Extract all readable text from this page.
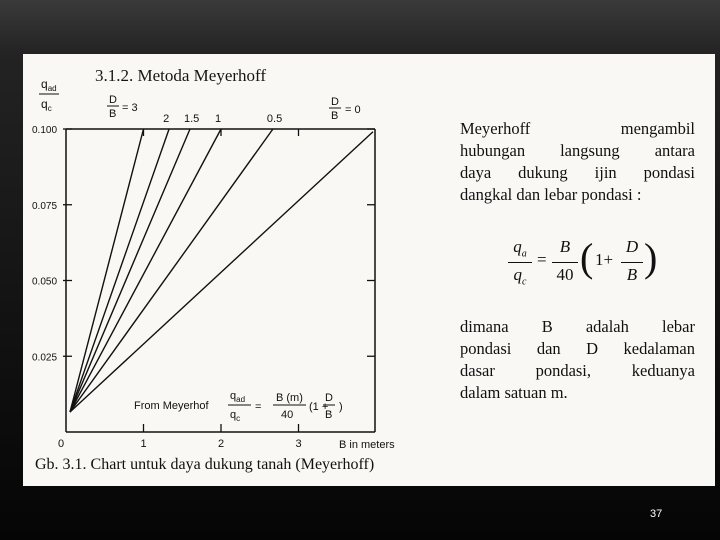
$q_{ad}$
$q_c$
D
B = 3	D
B = 0
0.100
0.075
0.050
0.025
0	1	2	3
2 1.5 1	0.5
B in meters
From Meyerhof
$q_{ad}$
$q_c$
=
B (m)
40
(1 +
D
B
)
3.1.2. Metoda Meyerhoff
Meyerhoff mengambil
hubungan langsung antara
daya dukung ijin pondasi
dangkal dan lebar pondasi :
$q_a$
$q_c$
=
B
40 ( 1+
D
B )
dimana B adalah lebar
pondasi dan D kedalaman
dasar pondasi, keduanya
dalam satuan m.
Gb. 3.1. Chart untuk daya dukung tanah (Meyerhoff)
37
